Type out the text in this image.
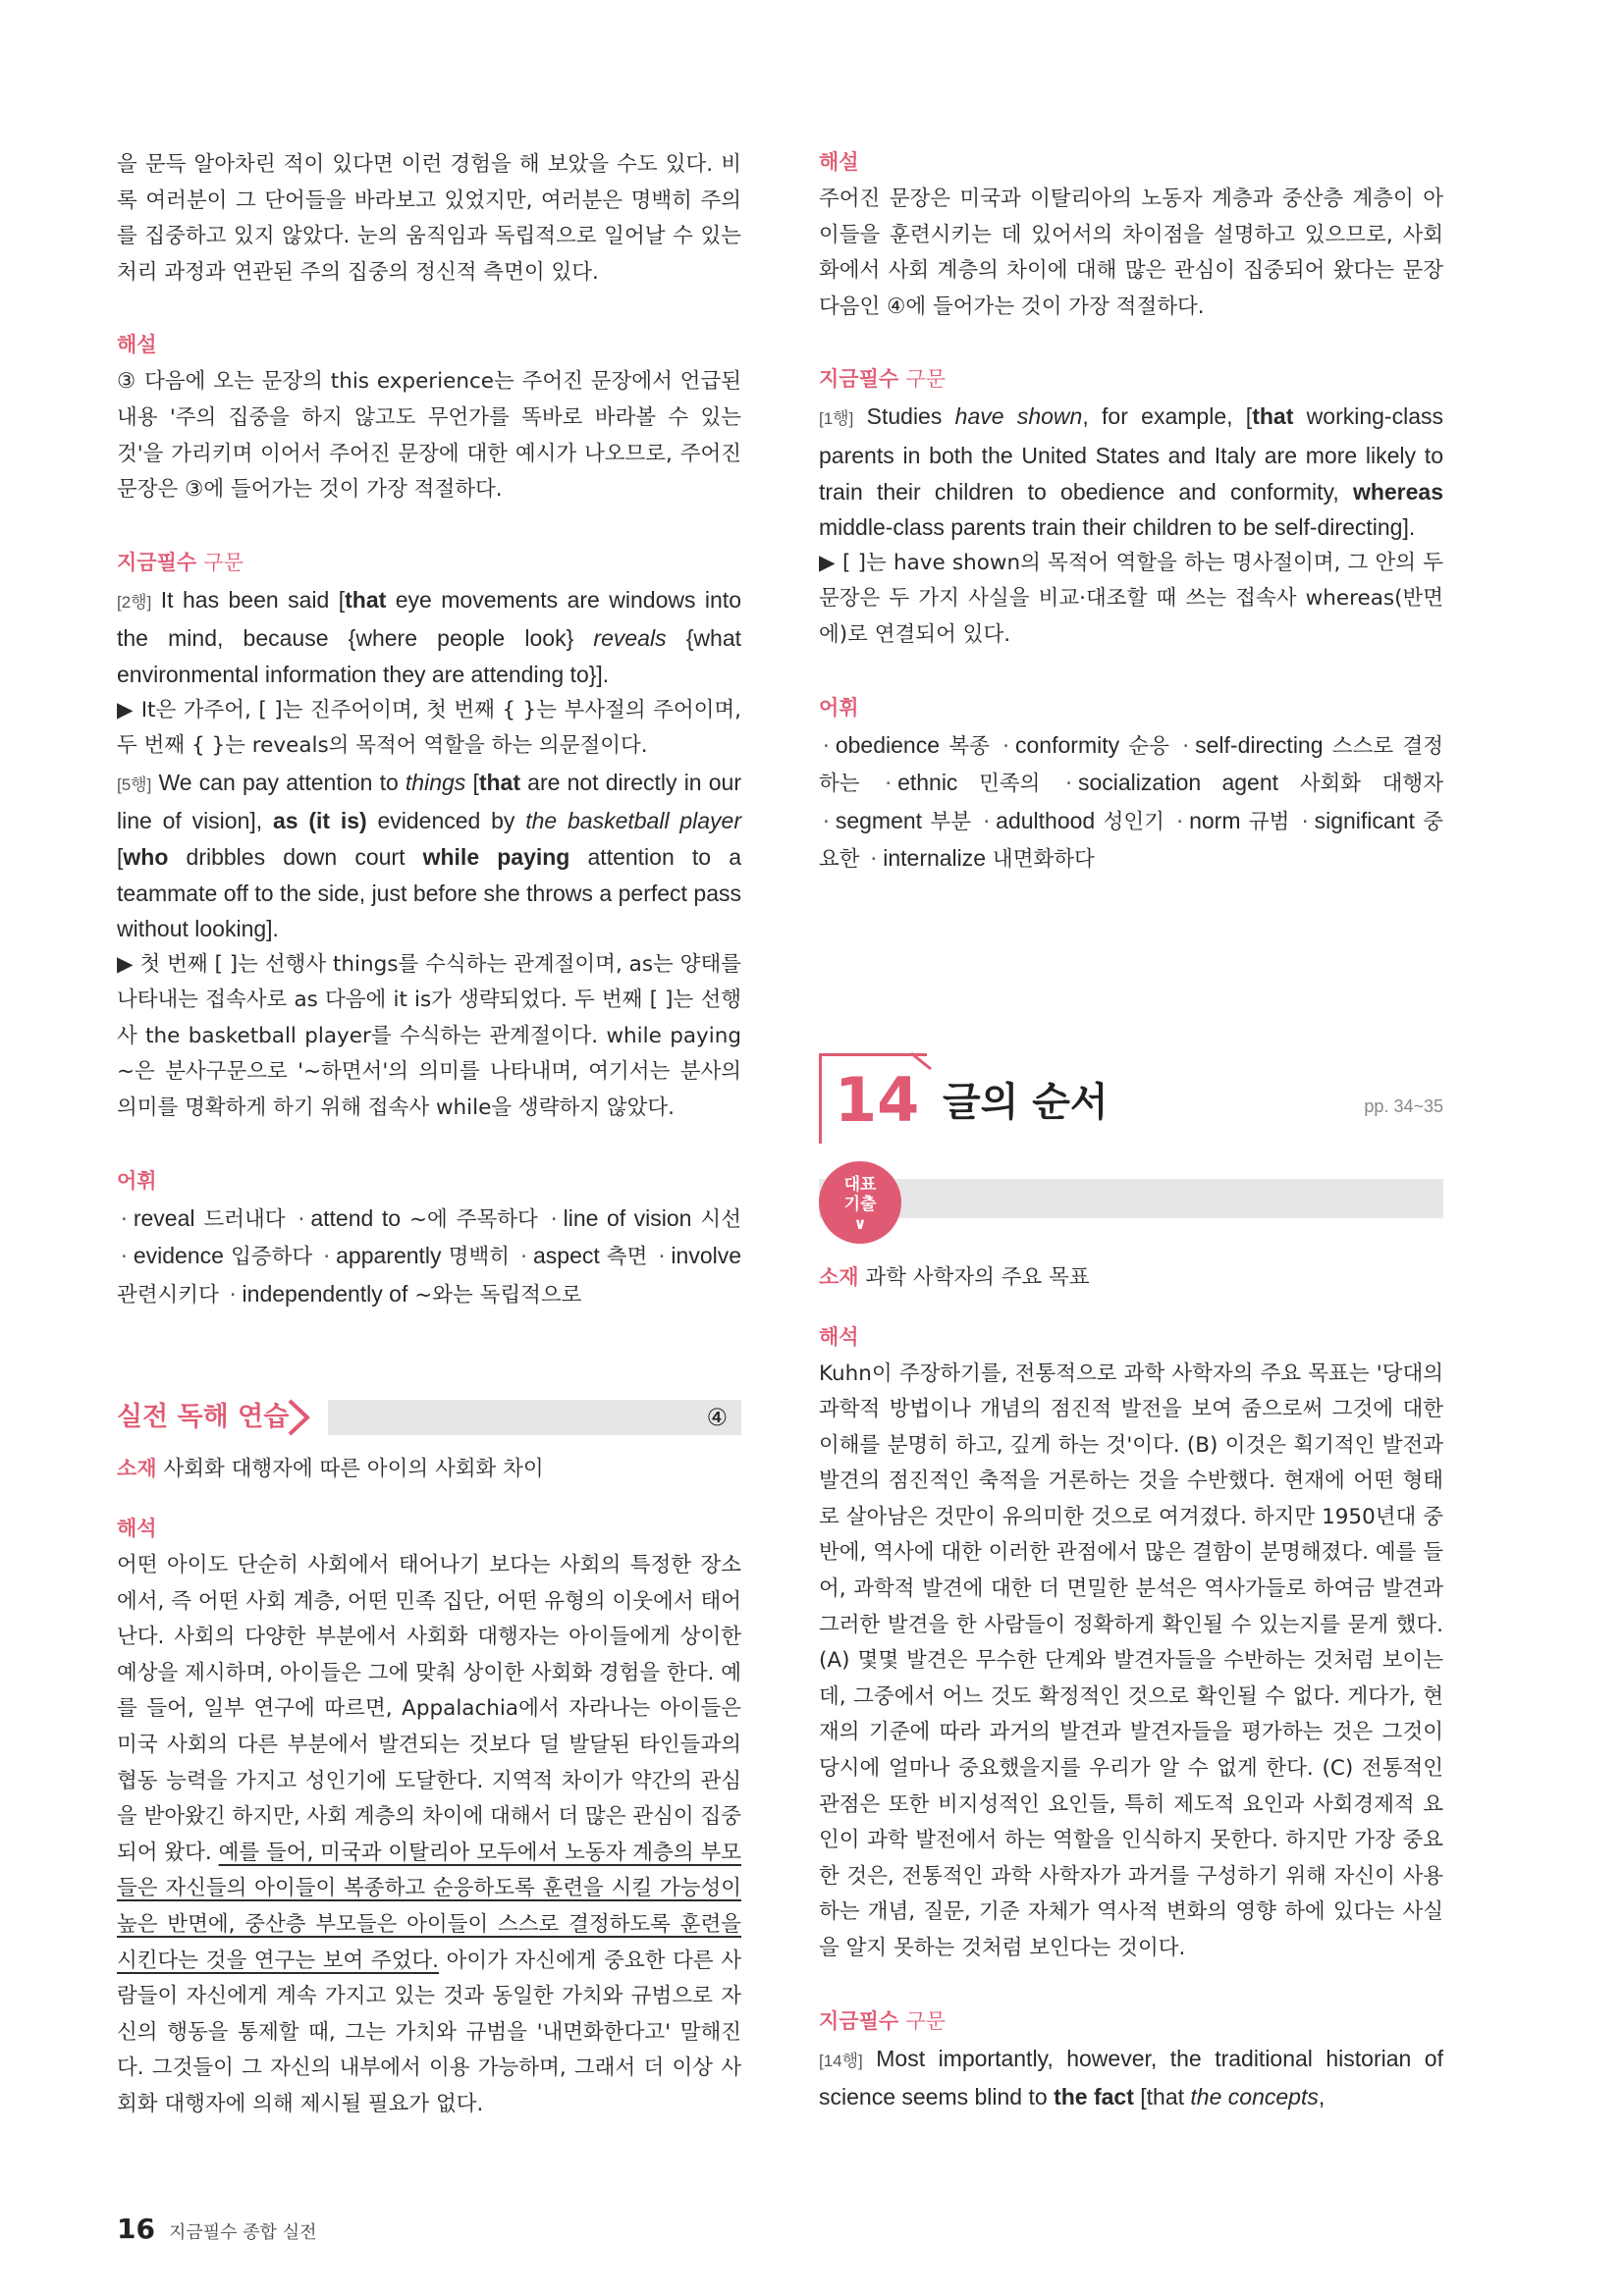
을 문득 알아차린 적이 있다면 이런 경험을 해 보았을 수도 있다. 비록 여러분이 그 단어들을 바라보고 있었지만, 여러분은 명백히 주의를 집중하고 있지 않았다. 눈의 움직임과 독립적으로 일어날 수 있는 처리 과정과 연관된 주의 집중의 정신적 측면이 있다.

해설

③ 다음에 오는 문장의 this experience는 주어진 문장에서 언급된 내용 '주의 집중을 하지 않고도 무언가를 똑바로 바라볼 수 있는 것'을 가리키며 이어서 주어진 문장에 대한 예시가 나오므로, 주어진 문장은 ③에 들어가는 것이 가장 적절하다.

지금필수 구문

[2행] It has been said [that eye movements are windows into the mind, because {where people look} reveals {what environmental information they are attending to}].

▶ It은 가주어, [ ]는 진주어이며, 첫 번째 { }는 부사절의 주어이며, 두 번째 { }는 reveals의 목적어 역할을 하는 의문절이다.

[5행] We can pay attention to things [that are not directly in our line of vision], as (it is) evidenced by the basketball player [who dribbles down court while paying attention to a teammate off to the side, just before she throws a perfect pass without looking].

▶ 첫 번째 [ ]는 선행사 things를 수식하는 관계절이며, as는 양태를 나타내는 접속사로 as 다음에 it is가 생략되었다. 두 번째 [ ]는 선행사 the basketball player를 수식하는 관계절이다. while paying ~은 분사구문으로 '~하면서'의 의미를 나타내며, 여기서는 분사의 의미를 명확하게 하기 위해 접속사 while을 생략하지 않았다.

어휘
· reveal 드러내다 · attend to ~에 주목하다 · line of vision 시선 · evidence 입증하다 · apparently 명백히 · aspect 측면 · involve 관련시키다 · independently of ~와는 독립적으로
실전 독해 연습	④

소재 사회화 대행자에 따른 아이의 사회화 차이

해석

어떤 아이도 단순히 사회에서 태어나기 보다는 사회의 특정한 장소에서, 즉 어떤 사회 계층, 어떤 민족 집단, 어떤 유형의 이웃에서 태어난다. 사회의 다양한 부분에서 사회화 대행자는 아이들에게 상이한 예상을 제시하며, 아이들은 그에 맞춰 상이한 사회화 경험을 한다. 예를 들어, 일부 연구에 따르면, Appalachia에서 자라나는 아이들은 미국 사회의 다른 부분에서 발견되는 것보다 덜 발달된 타인들과의 협동 능력을 가지고 성인기에 도달한다. 지역적 차이가 약간의 관심을 받아왔긴 하지만, 사회 계층의 차이에 대해서 더 많은 관심이 집중되어 왔다. 예를 들어, 미국과 이탈리아 모두에서 노동자 계층의 부모들은 자신들의 아이들이 복종하고 순응하도록 훈련을 시킬 가능성이 높은 반면에, 중산층 부모들은 아이들이 스스로 결정하도록 훈련을 시킨다는 것을 연구는 보여 주었다. 아이가 자신에게 중요한 다른 사람들이 자신에게 계속 가지고 있는 것과 동일한 가치와 규범으로 자신의 행동을 통제할 때, 그는 가치와 규범을 '내면화한다고' 말해진다. 그것들이 그 자신의 내부에서 이용 가능하며, 그래서 더 이상 사회화 대행자에 의해 제시될 필요가 없다.

해설

주어진 문장은 미국과 이탈리아의 노동자 계층과 중산층 계층이 아이들을 훈련시키는 데 있어서의 차이점을 설명하고 있으므로, 사회화에서 사회 계층의 차이에 대해 많은 관심이 집중되어 왔다는 문장 다음인 ④에 들어가는 것이 가장 적절하다.

지금필수 구문

[1행] Studies have shown, for example, [that working-class parents in both the United States and Italy are more likely to train their children to obedience and conformity, whereas middle-class parents train their children to be self-directing].

▶ [ ]는 have shown의 목적어 역할을 하는 명사절이며, 그 안의 두 문장은 두 가지 사실을 비교·대조할 때 쓰는 접속사 whereas(반면에)로 연결되어 있다.

어휘
· obedience 복종 · conformity 순응 · self-directing 스스로 결정하는 · ethnic 민족의 · socialization agent 사회화 대행자 · segment 부분 · adulthood 성인기 · norm 규범 · significant 중요한 · internalize 내면화하다
14 글의 순서	pp. 34~35
대표
기출
∨

소재 과학 사학자의 주요 목표

해석

Kuhn이 주장하기를, 전통적으로 과학 사학자의 주요 목표는 '당대의 과학적 방법이나 개념의 점진적 발전을 보여 줌으로써 그것에 대한 이해를 분명히 하고, 깊게 하는 것'이다. (B) 이것은 획기적인 발전과 발견의 점진적인 축적을 거론하는 것을 수반했다. 현재에 어떤 형태로 살아남은 것만이 유의미한 것으로 여겨졌다. 하지만 1950년대 중반에, 역사에 대한 이러한 관점에서 많은 결함이 분명해졌다. 예를 들어, 과학적 발견에 대한 더 면밀한 분석은 역사가들로 하여금 발견과 그러한 발견을 한 사람들이 정확하게 확인될 수 있는지를 묻게 했다. (A) 몇몇 발견은 무수한 단계와 발견자들을 수반하는 것처럼 보이는데, 그중에서 어느 것도 확정적인 것으로 확인될 수 없다. 게다가, 현재의 기준에 따라 과거의 발견과 발견자들을 평가하는 것은 그것이 당시에 얼마나 중요했을지를 우리가 알 수 없게 한다. (C) 전통적인 관점은 또한 비지성적인 요인들, 특히 제도적 요인과 사회경제적 요인이 과학 발전에서 하는 역할을 인식하지 못한다. 하지만 가장 중요한 것은, 전통적인 과학 사학자가 과거를 구성하기 위해 자신이 사용하는 개념, 질문, 기준 자체가 역사적 변화의 영향 하에 있다는 사실을 알지 못하는 것처럼 보인다는 것이다.

지금필수 구문

[14행] Most importantly, however, the traditional historian of science seems blind to the fact [that the concepts,

16 지금필수 종합 실전
